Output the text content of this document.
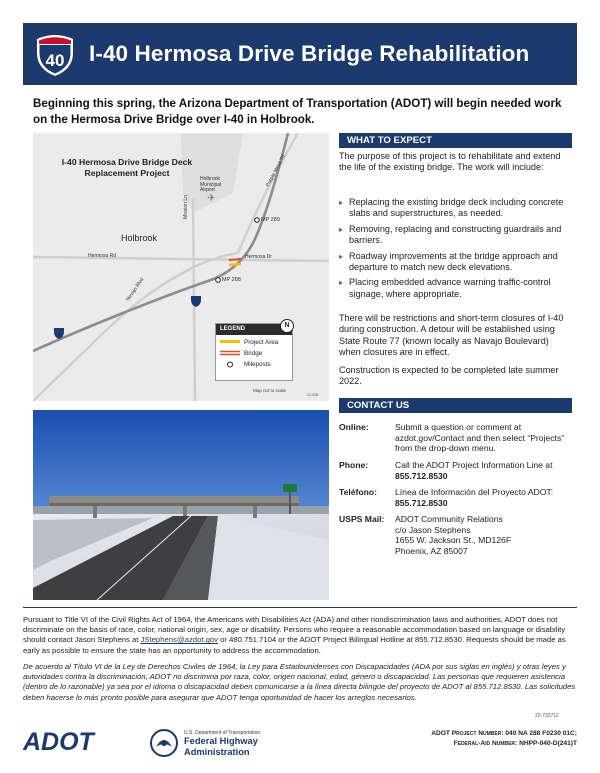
40 I-40 Hermosa Drive Bridge Rehabilitation
Beginning this spring, the Arizona Department of Transportation (ADOT) will begin needed work on the Hermosa Drive Bridge over I-40 in Holbrook.
✈
I-40 Hermosa Drive Bridge Deck Replacement Project
Holbrook
Holbrook Municipal Airport
Hermosa Rd	Hermosa Dr
Mission Ln
Navajo Blvd
Purple Mesa Trl
MP 289
MP 288
LEGEND
Project Area
Bridge
Mileposts
N
Map not to scale
22-328
WHAT TO EXPECT
The purpose of this project is to rehabilitate and extend the life of the existing bridge. The work will include:
▸ Replacing the existing bridge deck including concrete slabs and superstructures, as needed.
▸ Removing, replacing and constructing guardrails and barriers.
▸ Roadway improvements at the bridge approach and departure to match new deck elevations.
▸ Placing embedded advance warning traffic-control signage, where appropriate.
There will be restrictions and short-term closures of I-40 during construction. A detour will be established using State Route 77 (known locally as Navajo Boulevard) when closures are in effect.
Construction is expected to be completed late summer 2022.
CONTACT US
Online:	Submit a question or comment at azdot.gov/Contact and then select “Projects” from the drop-down menu.
Phone:	Call the ADOT Project Information Line at 855.712.8530
Teléfono: Línea de Información del Proyecto ADOT: 855.712.8530
USPS Mail: ADOT Community Relations
c/o Jason Stephens
1655 W. Jackson St., MD126F
Phoenix, AZ 85007
Pursuant to Title VI of the Civil Rights Act of 1964, the Americans with Disabilities Act (ADA) and other nondiscrimination laws and authorities, ADOT does not discriminate on the basis of race, color, national origin, sex, age or disability. Persons who require a reasonable accommodation based on language or disability should contact Jason Stephens at JStephens@azdot.gov or 480.751.7104 or the ADOT Project Bilingual Hotline at 855.712.8530. Requests should be made as early as possible to ensure the state has an opportunity to address the accommodation.
De acuerdo al Título VI de la Ley de Derechos Civiles de 1964, la Ley para Estadounidenses con Discapacidades (ADA por sus siglas en inglés) y otras leyes y autoridades contra la discriminación, ADOT no discrimina por raza, color, origen nacional, edad, género o discapacidad. Las personas que requieren asistencia (dentro de lo razonable) ya sea por el idioma o discapacidad deben comunicarse a la línea directa bilingüe del proyecto de ADOT al 855.712.8530. Las solicitudes deben hacerse lo más pronto posible para asegurar que ADOT tenga oportunidad de hacer los arreglos necesarios.
22-733712
ADOT	U.S. Department of Transportation
Federal Highway
Administration
ADOT Project Number: 040 NA 288 F0230 01C;
Federal-Aid Number: NHPP-040-D(241)T
